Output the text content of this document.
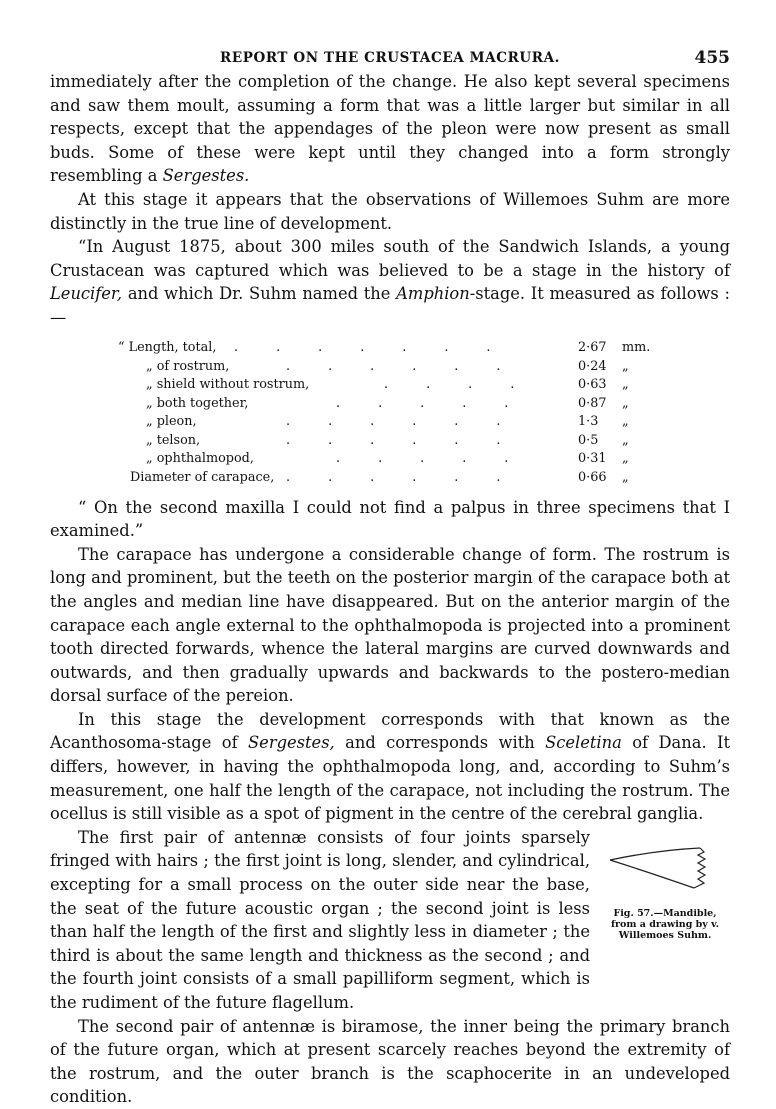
REPORT ON THE CRUSTACEA MACRURA.	455

immediately after the completion of the change. He also kept several specimens and saw them moult, assuming a form that was a little larger but similar in all respects, except that the appendages of the pleon were now present as small buds. Some of these were kept until they changed into a form strongly resembling a Sergestes.

At this stage it appears that the observations of Willemoes Suhm are more distinctly in the true line of development.

“In August 1875, about 300 miles south of the Sandwich Islands, a young Crustacean was captured which was believed to be a stage in the history of Leucifer, and which Dr. Suhm named the Amphion-stage. It measured as follows :—

“ Length, total, .......	2·67 mm.
„ of rostrum,	......	0·24 „
„ shield without rostrum,	.... 0·63 „
„ both together,	..... 0·87 „
„ pleon,	......	1·3 „
„ telson,	......	0·5 „
„ ophthalmopod,	..... 0·31 „
Diameter of carapace, ......	0·66 „

“ On the second maxilla I could not find a palpus in three specimens that I examined.”

The carapace has undergone a considerable change of form. The rostrum is long and prominent, but the teeth on the posterior margin of the carapace both at the angles and median line have disappeared. But on the anterior margin of the carapace each angle external to the ophthalmopoda is projected into a prominent tooth directed forwards, whence the lateral margins are curved downwards and outwards, and then gradually upwards and backwards to the postero-median dorsal surface of the pereion.

In this stage the development corresponds with that known as the Acanthosoma-stage of Sergestes, and corresponds with Sceletina of Dana. It differs, however, in having the ophthalmopoda long, and, according to Suhm’s measurement, one half the length of the carapace, not including the rostrum. The ocellus is still visible as a spot of pigment in the centre of the cerebral ganglia.

The first pair of antennæ consists of four joints sparsely fringed with hairs ; the first joint is long, slender, and cylindrical, excepting for a small process on the outer side near the base, the seat of the future acoustic organ ; the second joint is less than half the length of the first and slightly less in diameter ; the third is about the same length and thickness as the second ; and the fourth joint consists of a small papilliform segment, which is the rudiment of the future flagellum.

Fig. 57.—Mandible, from a drawing by v. Willemoes Suhm.

The second pair of antennæ is biramose, the inner being the primary branch of the future organ, which at present scarcely reaches beyond the extremity of the rostrum, and the outer branch is the scaphocerite in an undeveloped condition.
